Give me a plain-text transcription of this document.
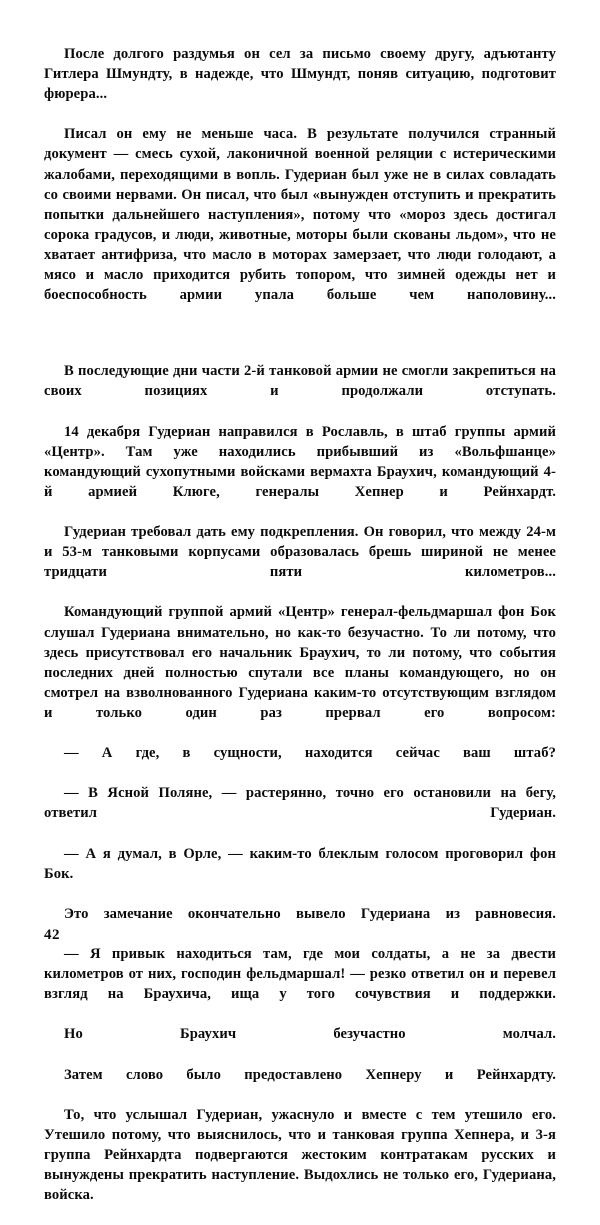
После долгого раздумья он сел за письмо своему другу, адъютанту Гитлера Шмундту, в надежде, что Шмундт, поняв ситуацию, подготовит фюрера...

Писал он ему не меньше часа. В результате получился странный документ — смесь сухой, лаконичной военной реляции с истерическими жалобами, переходящими в вопль. Гудериан был уже не в силах совладать со своими нервами. Он писал, что был «вынужден отступить и прекратить попытки дальнейшего наступления», потому что «мороз здесь достигал сорока градусов, и люди, животные, моторы были скованы льдом», что не хватает антифриза, что масло в моторах замерзает, что люди голодают, а мясо и масло приходится рубить топором, что зимней одежды нет и боеспособность армии упала больше чем наполовину...

В последующие дни части 2-й танковой армии не смогли закрепиться на своих позициях и продолжали отступать.

14 декабря Гудериан направился в Рославль, в штаб группы армий «Центр». Там уже находились прибывший из «Вольфшанце» командующий сухопутными войсками вермахта Браухич, командующий 4-й армией Клюге, генералы Хепнер и Рейнхардт.

Гудериан требовал дать ему подкрепления. Он говорил, что между 24-м и 53-м танковыми корпусами образовалась брешь шириной не менее тридцати пяти километров...

Командующий группой армий «Центр» генерал-фельдмаршал фон Бок слушал Гудериана внимательно, но как-то безучастно. То ли потому, что здесь присутствовал его начальник Браухич, то ли потому, что события последних дней полностью спутали все планы командующего, но он смотрел на взволнованного Гудериана каким-то отсутствующим взглядом и только один раз прервал его вопросом:

— А где, в сущности, находится сейчас ваш штаб?

— В Ясной Поляне, — растерянно, точно его остановили на бегу, ответил Гудериан.

— А я думал, в Орле, — каким-то блеклым голосом проговорил фон Бок.

Это замечание окончательно вывело Гудериана из равновесия.

— Я привык находиться там, где мои солдаты, а не за двести километров от них, господин фельдмаршал! — резко ответил он и перевел взгляд на Браухича, ища у того сочувствия и поддержки.

Но Браухич безучастно молчал.

Затем слово было предоставлено Хепнеру и Рейнхардту.

То, что услышал Гудериан, ужаснуло и вместе с тем утешило его. Утешило потому, что выяснилось, что и танковая группа Хепнера, и 3-я группа Рейнхардта подвергаются жестоким контратакам русских и вынуждены прекратить наступление. Выдохлись не только его, Гудериана, войска.

42
